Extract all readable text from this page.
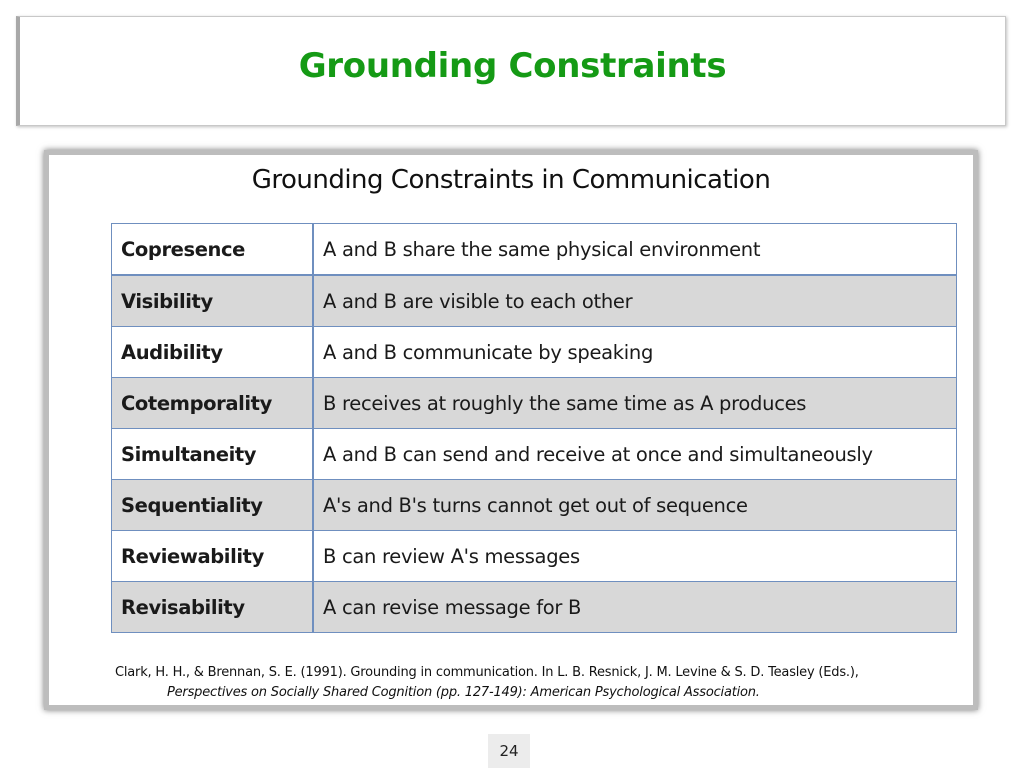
Grounding Constraints
Grounding Constraints in Communication
Copresence	A and B share the same physical environment
Visibility	A and B are visible to each other
Audibility	A and B communicate by speaking
Cotemporality	B receives at roughly the same time as A produces
Simultaneity	A and B can send and receive at once and simultaneously
Sequentiality	A's and B's turns cannot get out of sequence
Reviewability	B can review A's messages
Revisability	A can revise message for B
Clark, H. H., & Brennan, S. E. (1991). Grounding in communication. In L. B. Resnick, J. M. Levine & S. D. Teasley (Eds.),
Perspectives on Socially Shared Cognition (pp. 127-149): American Psychological Association.
24
